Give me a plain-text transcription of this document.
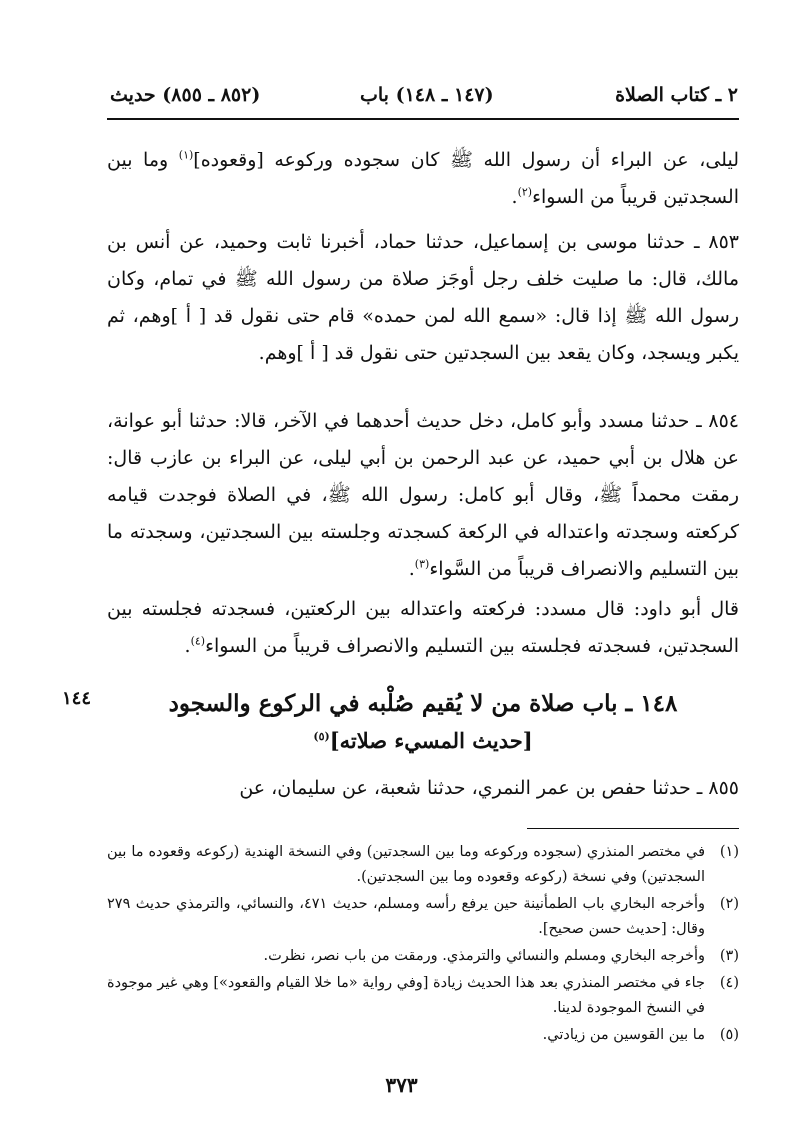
٢ ـ كتاب الصلاة
(١٤٧ ـ ١٤٨) باب
(٨٥٢ ـ ٨٥٥) حديث

ليلى، عن البراء أن رسول الله ﷺ كان سجوده وركوعه [وقعوده]$^{(١)}$ وما بين السجدتين قريباً من السواء$^{(٢)}$.

٨٥٣ ـ حدثنا موسى بن إسماعيل، حدثنا حماد، أخبرنا ثابت وحميد، عن أنس بن مالك، قال: ما صليت خلف رجل أوجَز صلاة من رسول الله ﷺ في تمام، وكان رسول الله ﷺ إذا قال: «سمع الله لمن حمده» قام حتى نقول قد [ أ ]وهم، ثم يكبر ويسجد، وكان يقعد بين السجدتين حتى نقول قد [ أ ]وهم.

٨٥٤ ـ حدثنا مسدد وأبو كامل، دخل حديث أحدهما في الآخر، قالا: حدثنا أبو عوانة، عن هلال بن أبي حميد، عن عبد الرحمن بن أبي ليلى، عن البراء بن عازب قال: رمقت محمداً ﷺ، وقال أبو كامل: رسول الله ﷺ، في الصلاة فوجدت قيامه كركعته وسجدته واعتداله في الركعة كسجدته وجلسته بين السجدتين، وسجدته ما بين التسليم والانصراف قريباً من السَّواء$^{(٣)}$.

قال أبو داود: قال مسدد: فركعته واعتداله بين الركعتين، فسجدته فجلسته بين السجدتين، فسجدته فجلسته بين التسليم والانصراف قريباً من السواء$^{(٤)}$.

١٤٤	١٤٨ ـ باب صلاة من لا يُقيم صُلْبه في الركوع والسجود
[حديث المسيء صلاته]$^{(٥)}$

٨٥٥ ـ حدثنا حفص بن عمر النمري، حدثنا شعبة، عن سليمان، عن

(١)
في مختصر المنذري (سجوده وركوعه وما بين السجدتين) وفي النسخة الهندية (ركوعه وقعوده ما بين السجدتين) وفي نسخة (ركوعه وقعوده وما بين السجدتين).
(٢)
وأخرجه البخاري باب الطمأنينة حين يرفع رأسه ومسلم، حديث ٤٧١، والنسائي، والترمذي حديث ٢٧٩ وقال: [حديث حسن صحيح].
(٣)
وأخرجه البخاري ومسلم والنسائي والترمذي. ورمقت من باب نصر، نظرت.
(٤)
جاء في مختصر المنذري بعد هذا الحديث زيادة [وفي رواية «ما خلا القيام والقعود»] وهي غير موجودة في النسخ الموجودة لدينا.
(٥)
ما بين القوسين من زيادتي.
٣٧٣
